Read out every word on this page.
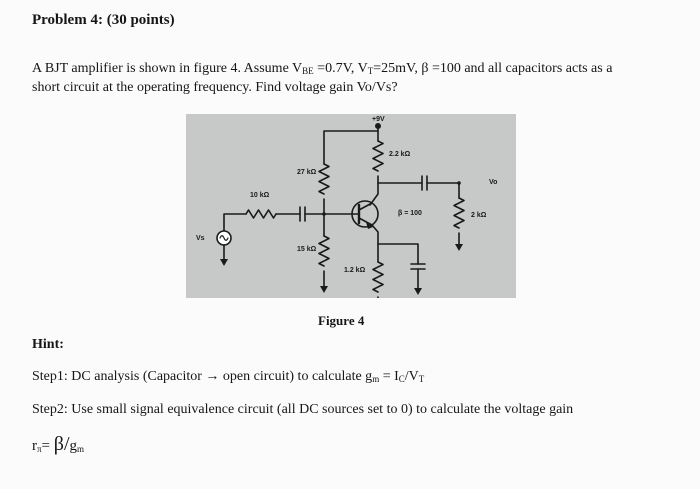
Problem 4: (30 points)
A BJT amplifier is shown in figure 4. Assume $V_{BE} =0.7V$, $V_T=25mV$, β =100 and all capacitors acts as a
short circuit at the operating frequency. Find voltage gain Vo/Vs?
+9V
2.2 kΩ
27 kΩ
10 kΩ
15 kΩ
1.2 kΩ
2 kΩ
β = 100
Vs
Vo
Figure 4
Hint:
Step1: DC analysis (Capacitor → open circuit) to calculate $g_m = I_C/V_T$
Step2: Use small signal equivalence circuit (all DC sources set to 0) to calculate the voltage gain
$r_\pi= \beta/g_m$
